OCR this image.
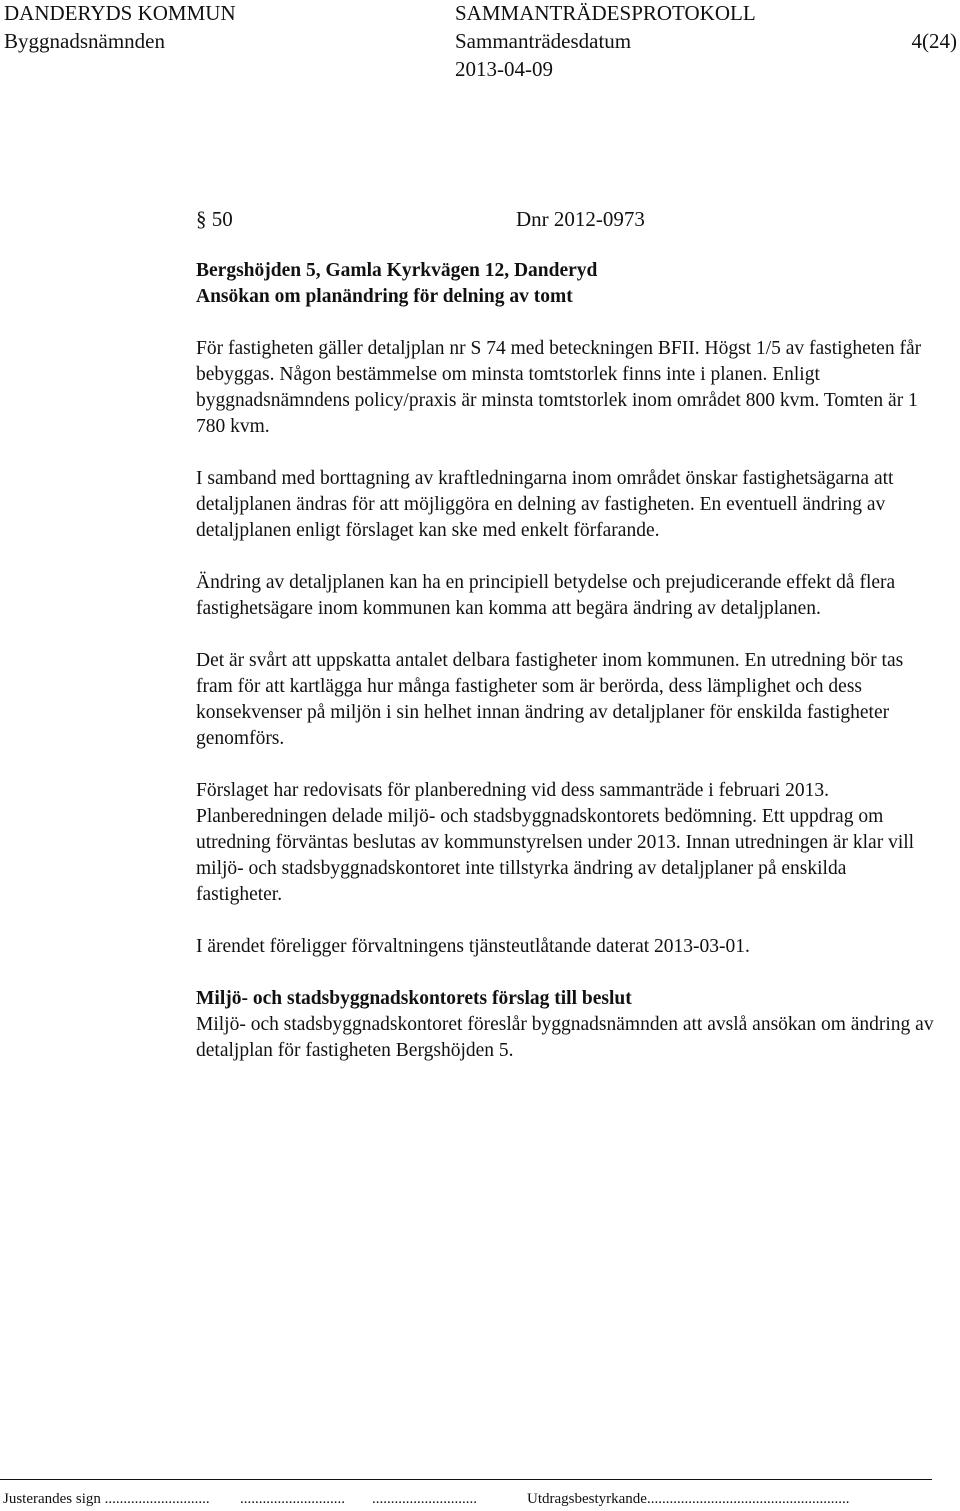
DANDERYDS KOMMUN
Byggnadsnämnden
SAMMANTRÄDESPROTOKOLL
Sammanträdesdatum
2013-04-09
4(24)
§ 50	Dnr 2012-0973

Bergshöjden 5, Gamla Kyrkvägen 12, Danderyd

Ansökan om planändring för delning av tomt

För fastigheten gäller detaljplan nr S 74 med beteckningen BFII. Högst 1/5 av fastigheten får bebyggas. Någon bestämmelse om minsta tomtstorlek finns inte i planen. Enligt byggnadsnämndens policy/praxis är minsta tomtstorlek inom området 800 kvm. Tomten är 1 780 kvm.

I samband med borttagning av kraftledningarna inom området önskar fastighetsägarna att detaljplanen ändras för att möjliggöra en delning av fastigheten. En eventuell ändring av detaljplanen enligt förslaget kan ske med enkelt förfarande.

Ändring av detaljplanen kan ha en principiell betydelse och prejudicerande effekt då flera fastighetsägare inom kommunen kan komma att begära ändring av detaljplanen.

Det är svårt att uppskatta antalet delbara fastigheter inom kommunen. En utredning bör tas fram för att kartlägga hur många fastigheter som är berörda, dess lämplighet och dess konsekvenser på miljön i sin helhet innan ändring av detaljplaner för enskilda fastigheter genomförs.

Förslaget har redovisats för planberedning vid dess sammanträde i februari 2013. Planberedningen delade miljö- och stadsbyggnadskontorets bedömning. Ett uppdrag om utredning förväntas beslutas av kommunstyrelsen under 2013. Innan utredningen är klar vill miljö- och stadsbyggnadskontoret inte tillstyrka ändring av detaljplaner på enskilda fastigheter.

I ärendet föreligger förvaltningens tjänsteutlåtande daterat 2013-03-01.

Miljö- och stadsbyggnadskontorets förslag till beslut

Miljö- och stadsbyggnadskontoret föreslår byggnadsnämnden att avslå ansökan om ändring av detaljplan för fastigheten Bergshöjden 5.

Justerandes sign ............................ ............................ ............................	Utdragsbestyrkande......................................................
